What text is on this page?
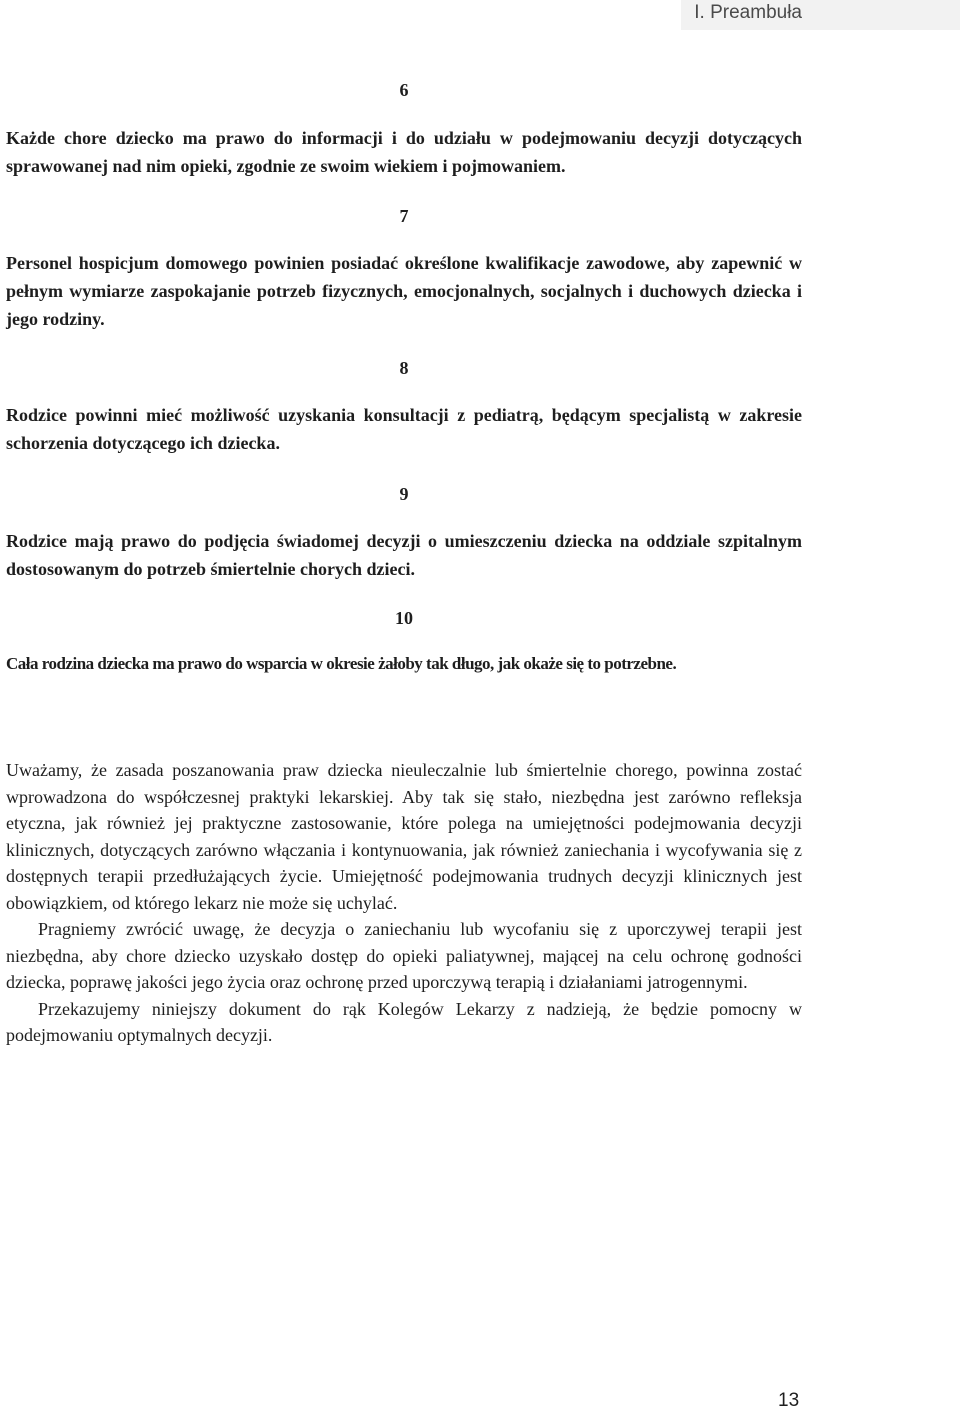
I. Preambuła
6
Każde chore dziecko ma prawo do informacji i do udziału w podejmowaniu decyzji dotyczących sprawowanej nad nim opieki, zgodnie ze swoim wiekiem i pojmowaniem.
7
Personel hospicjum domowego powinien posiadać określone kwalifikacje zawodowe, aby zapewnić w pełnym wymiarze zaspokajanie potrzeb fizycznych, emocjonalnych, socjalnych i duchowych dziecka i jego rodziny.
8
Rodzice powinni mieć możliwość uzyskania konsultacji z pediatrą, będącym specjalistą w zakresie schorzenia dotyczącego ich dziecka.
9
Rodzice mają prawo do podjęcia świadomej decyzji o umieszczeniu dziecka na oddziale szpitalnym dostosowanym do potrzeb śmiertelnie chorych dzieci.
10
Cała rodzina dziecka ma prawo do wsparcia w okresie żałoby tak długo, jak okaże się to potrzebne.

Uważamy, że zasada poszanowania praw dziecka nieuleczalnie lub śmiertelnie chorego, powinna zostać wprowadzona do współczesnej praktyki lekarskiej. Aby tak się stało, niezbędna jest zarówno refleksja etyczna, jak również jej praktyczne zastosowanie, które polega na umiejętności podejmowania decyzji klinicznych, dotyczących zarówno włączania i kontynuowania, jak również zaniechania i wycofywania się z dostępnych terapii przedłużających życie. Umiejętność podejmowania trudnych decyzji klinicznych jest obowiązkiem, od którego lekarz nie może się uchylać.

Pragniemy zwrócić uwagę, że decyzja o zaniechaniu lub wycofaniu się z uporczywej terapii jest niezbędna, aby chore dziecko uzyskało dostęp do opieki paliatywnej, mającej na celu ochronę godności dziecka, poprawę jakości jego życia oraz ochronę przed uporczywą terapią i działaniami jatrogennymi.

Przekazujemy niniejszy dokument do rąk Kolegów Lekarzy z nadzieją, że będzie pomocny w podejmowaniu optymalnych decyzji.

13
